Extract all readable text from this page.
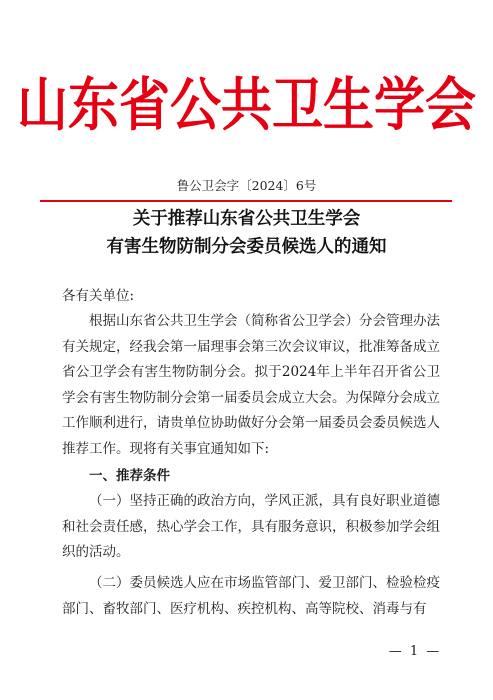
山东省公共卫生学会
鲁公卫会字〔2024〕6号
关于推荐山东省公共卫生学会
有害生物防制分会委员候选人的通知
各有关单位:

根据山东省公共卫生学会（简称省公卫学会）分会管理办法有关规定，经我会第一届理事会第三次会议审议，批准筹备成立省公卫学会有害生物防制分会。拟于2024年上半年召开省公卫学会有害生物防制分会第一届委员会成立大会。为保障分会成立工作顺利进行，请贵单位协助做好分会第一届委员会委员候选人推荐工作。现将有关事宜通知如下:

一、推荐条件

（一）坚持正确的政治方向，学风正派，具有良好职业道德和社会责任感，热心学会工作，具有服务意识，积极参加学会组织的活动。

（二）委员候选人应在市场监管部门、爱卫部门、检验检疫部门、畜牧部门、医疗机构、疾控机构、高等院校、消毒与有

— 1 —
